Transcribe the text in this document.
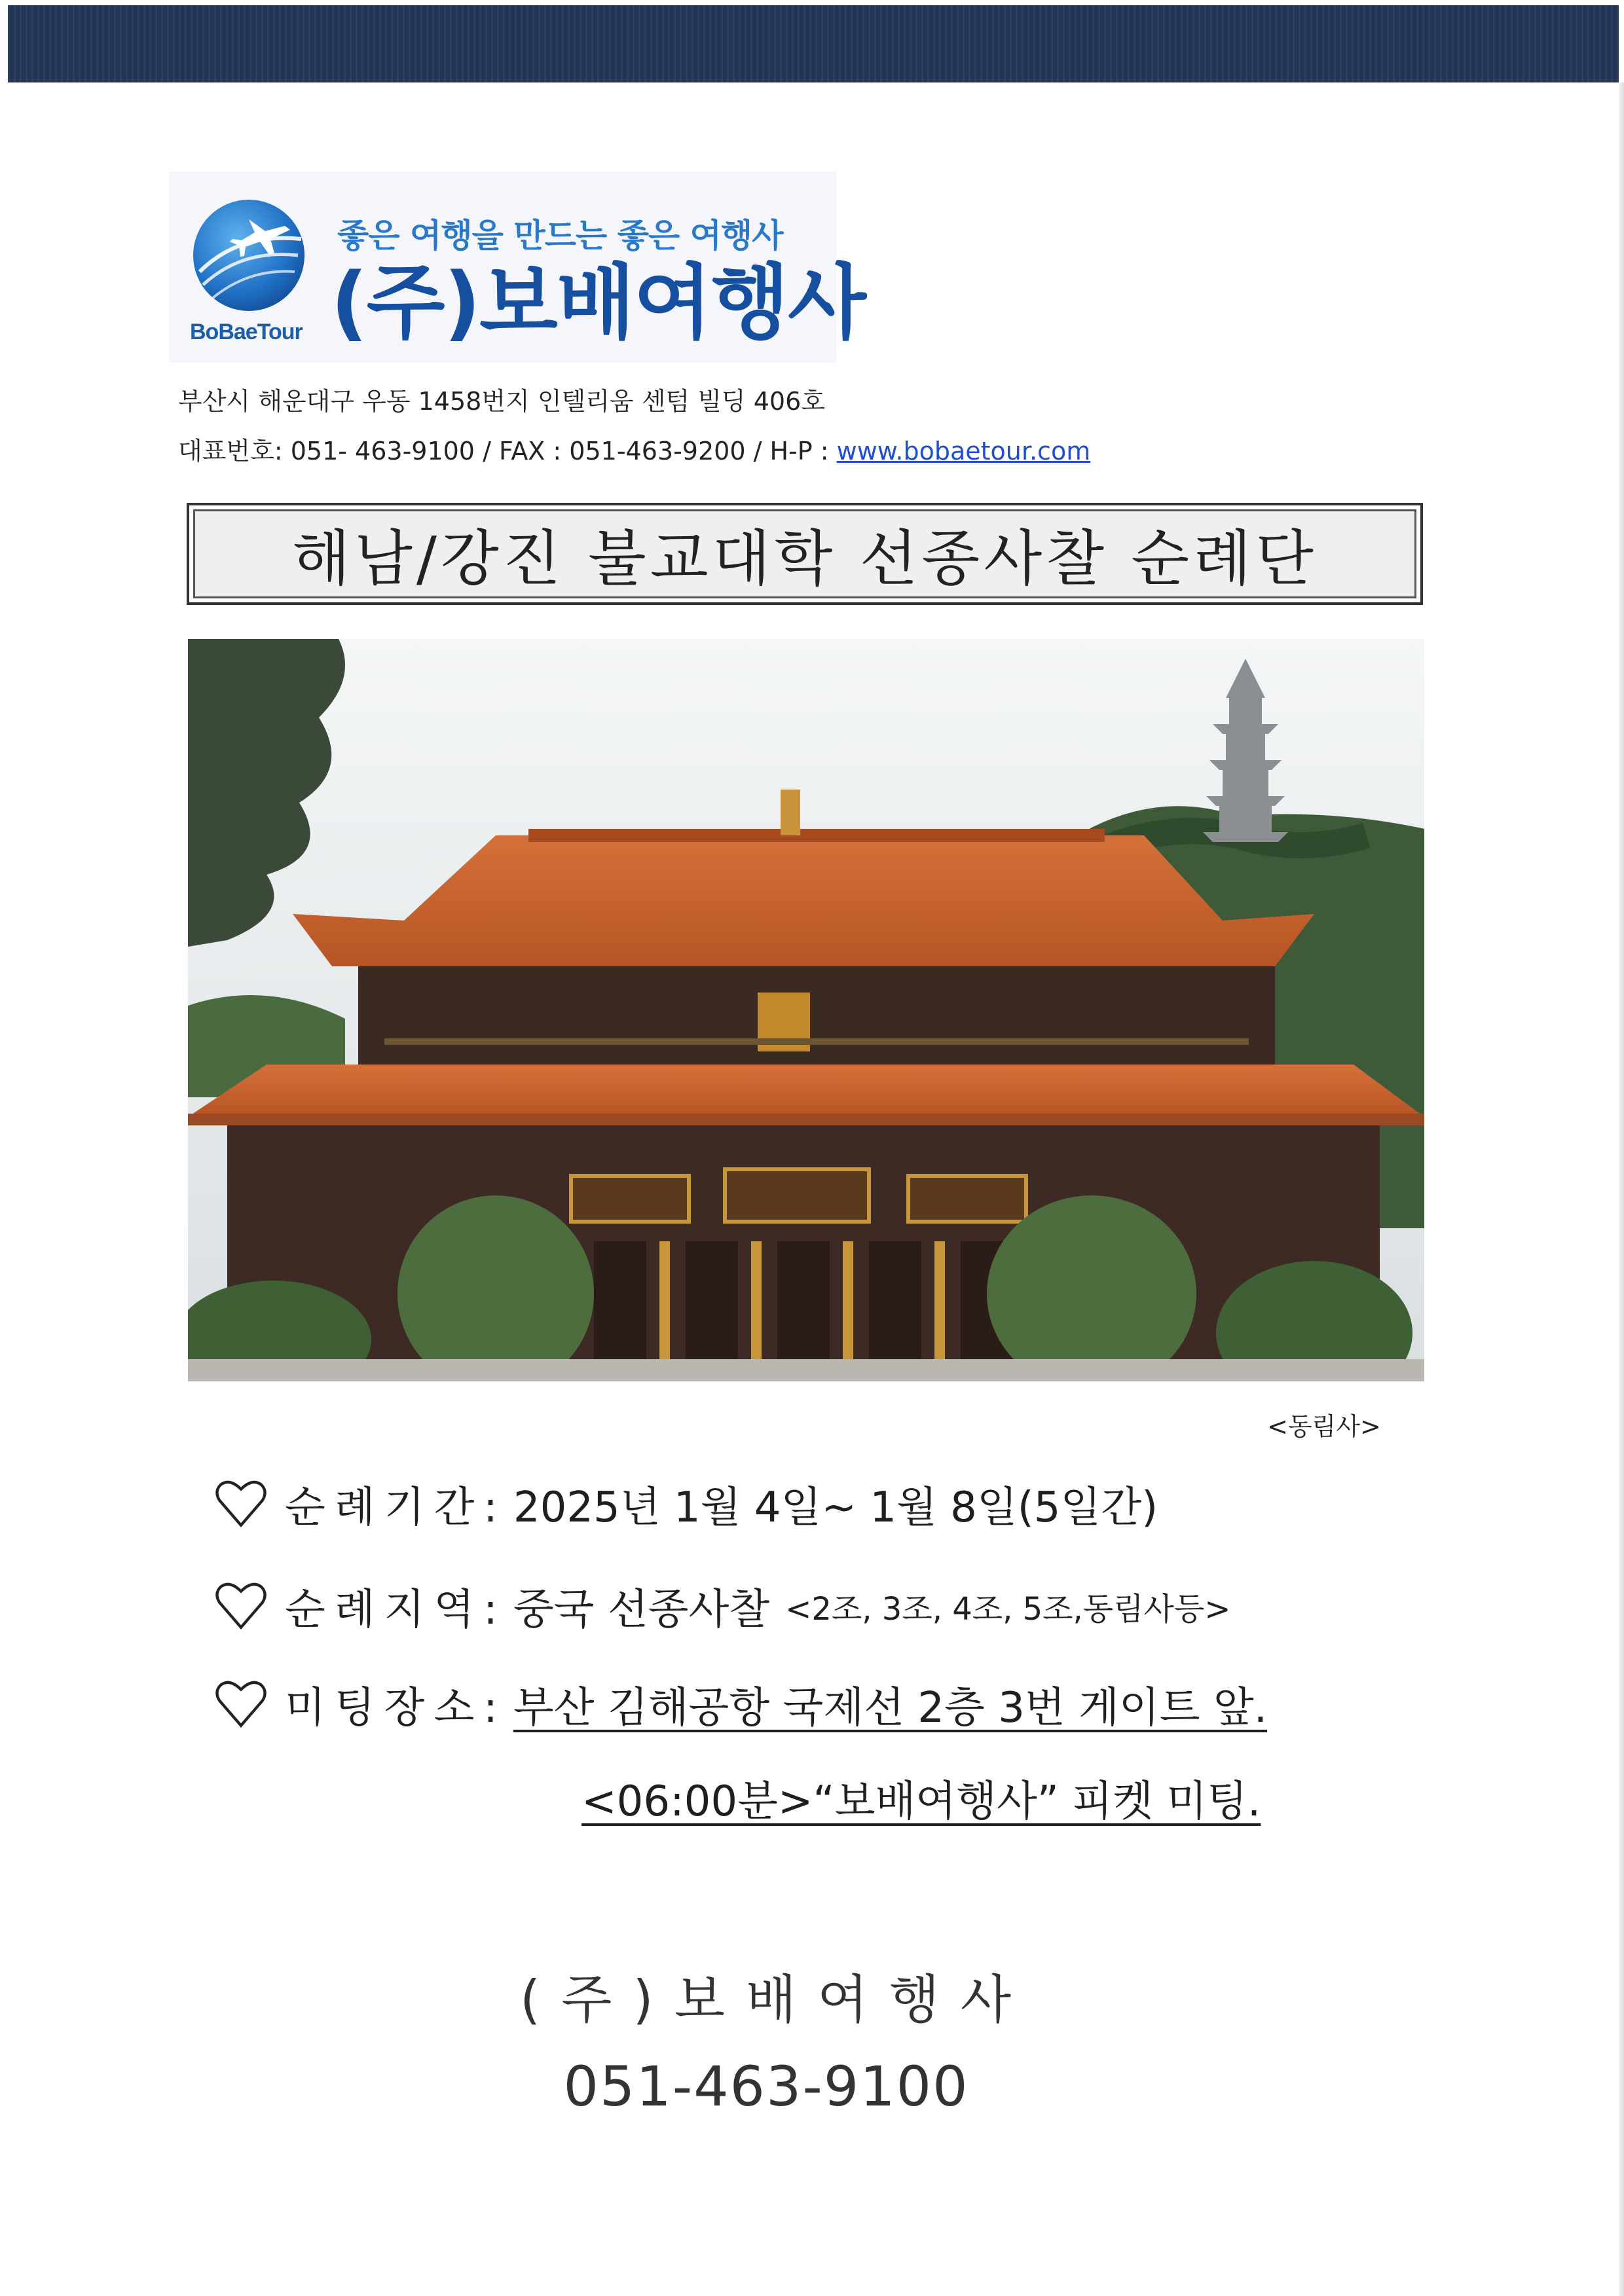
BoBaeTour
좋은 여행을 만드는 좋은 여행사
(주)보배여행사
부산시 해운대구 우동 1458번지 인텔리움 센텀 빌딩 406호
대표번호: 051- 463-9100 / FAX : 051-463-9200 / H-P : www.bobaetour.com
해남/강진 불교대학 선종사찰 순례단
<동림사>
순례기간: 2025년 1월 4일~ 1월 8일(5일간)
순례지역: 중국 선종사찰 <2조, 3조, 4조, 5조,동림사등>
미팅장소: 부산 김해공항 국제선 2층 3번 게이트 앞.
<06:00분>“보배여행사” 피켓 미팅.
(주)보배여행사
051-463-9100
